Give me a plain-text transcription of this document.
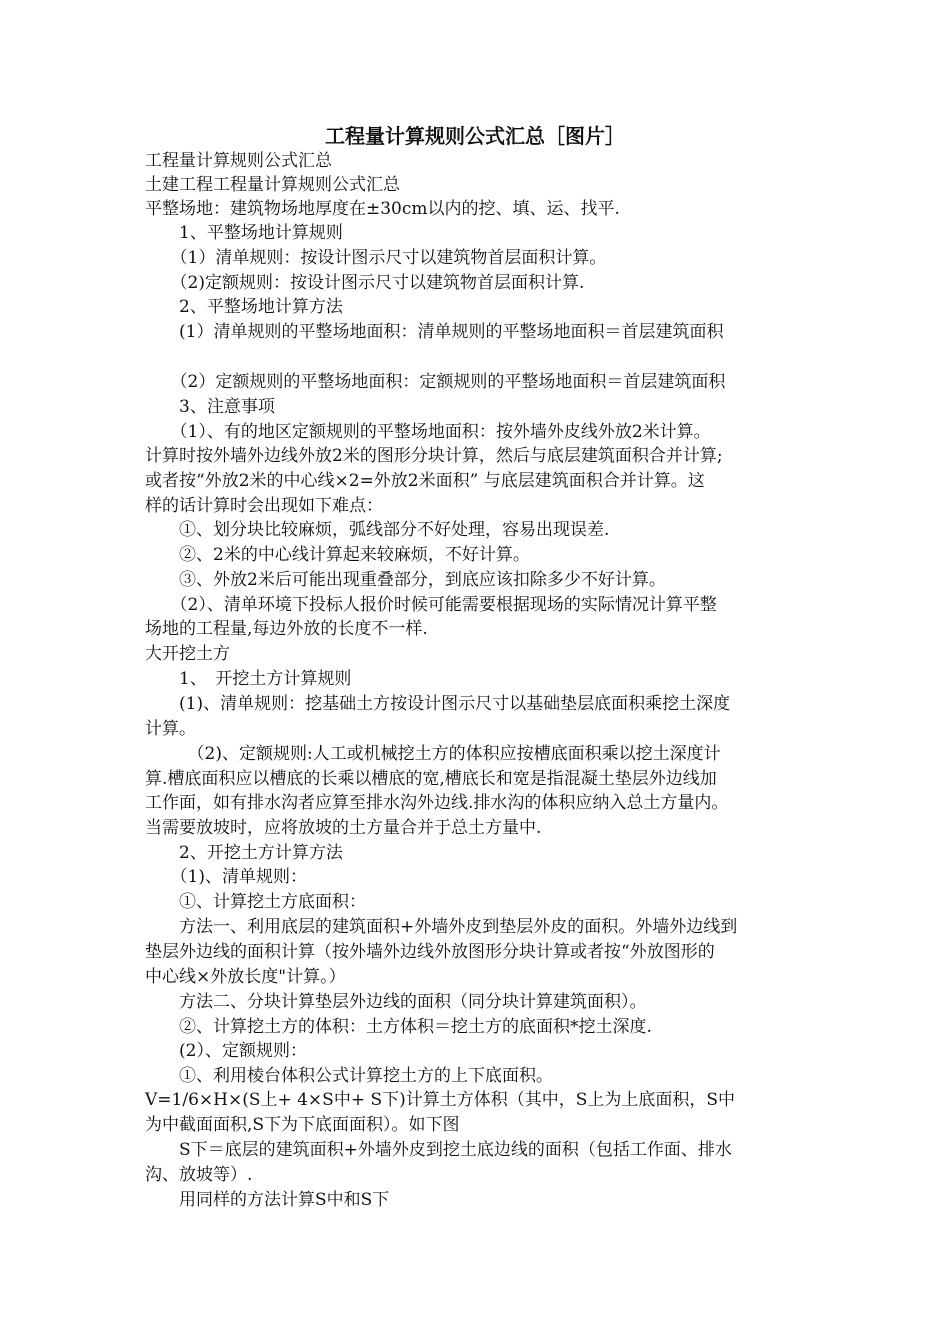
工程量计算规则公式汇总［图片］
工程量计算规则公式汇总
土建工程工程量计算规则公式汇总
平整场地：建筑物场地厚度在±30cm以内的挖、填、运、找平.
　　1、平整场地计算规则
　　（1）清单规则：按设计图示尺寸以建筑物首层面积计算。
　　（2)定额规则：按设计图示尺寸以建筑物首层面积计算.
　　2、平整场地计算方法
　　(1）清单规则的平整场地面积：清单规则的平整场地面积＝首层建筑面积
　　（2）定额规则的平整场地面积：定额规则的平整场地面积＝首层建筑面积
　　3、注意事项
　　（1）、有的地区定额规则的平整场地面积：按外墙外皮线外放2米计算。
计算时按外墙外边线外放2米的图形分块计算，然后与底层建筑面积合并计算;
或者按“外放2米的中心线×2=外放2米面积” 与底层建筑面积合并计算。这
样的话计算时会出现如下难点：
　　①、划分块比较麻烦，弧线部分不好处理，容易出现误差.
　　②、2米的中心线计算起来较麻烦，不好计算。
　　③、外放2米后可能出现重叠部分，到底应该扣除多少不好计算。
　　（2）、清单环境下投标人报价时候可能需要根据现场的实际情况计算平整
场地的工程量,每边外放的长度不一样.
大开挖土方
　　1、　开挖土方计算规则
　　(1)、清单规则：挖基础土方按设计图示尺寸以基础垫层底面积乘挖土深度
计算。
　　　（2)、定额规则:人工或机械挖土方的体积应按槽底面积乘以挖土深度计
算.槽底面积应以槽底的长乘以槽底的宽,槽底长和宽是指混凝土垫层外边线加
工作面，如有排水沟者应算至排水沟外边线.排水沟的体积应纳入总土方量内。
当需要放坡时，应将放坡的土方量合并于总土方量中.
　　2、开挖土方计算方法
　　（1)、清单规则：
　　①、计算挖土方底面积：
　　方法一、利用底层的建筑面积+外墙外皮到垫层外皮的面积。外墙外边线到
垫层外边线的面积计算（按外墙外边线外放图形分块计算或者按“外放图形的
中心线×外放长度"计算。）
　　方法二、分块计算垫层外边线的面积（同分块计算建筑面积）。
　　②、计算挖土方的体积：土方体积＝挖土方的底面积*挖土深度.
　　(2）、定额规则：
　　①、利用棱台体积公式计算挖土方的上下底面积。
V=1/6×H×(S上+ 4×S中+ S下)计算土方体积（其中，S上为上底面积，S中
为中截面面积,S下为下底面面积）。如下图
　　S下＝底层的建筑面积+外墙外皮到挖土底边线的面积（包括工作面、排水
沟、放坡等）.
　　用同样的方法计算S中和S下
